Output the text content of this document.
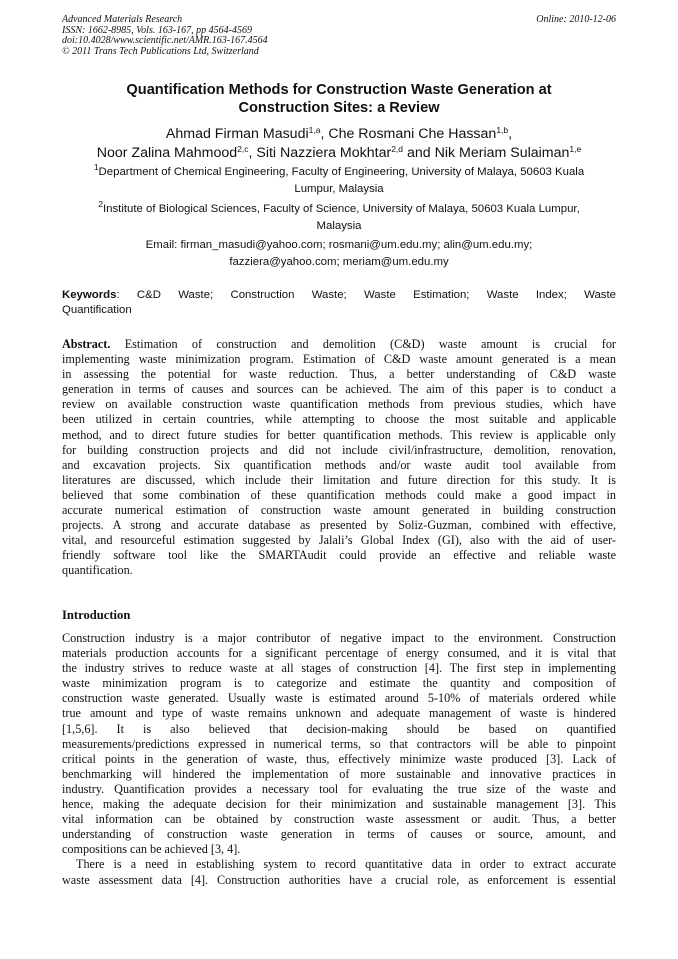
Advanced Materials Research
ISSN: 1662-8985, Vols. 163-167, pp 4564-4569
doi:10.4028/www.scientific.net/AMR.163-167.4564
© 2011 Trans Tech Publications Ltd, Switzerland
Online: 2010-12-06
Quantification Methods for Construction Waste Generation at
Construction Sites: a Review
Ahmad Firman Masudi$^{1,a}$, Che Rosmani Che Hassan$^{1,b}$,
Noor Zalina Mahmood$^{2,c}$, Siti Nazziera Mokhtar$^{2,d}$ and Nik Meriam Sulaiman$^{1,e}$
$^1$Department of Chemical Engineering, Faculty of Engineering, University of Malaya, 50603 Kuala
Lumpur, Malaysia
$^2$Institute of Biological Sciences, Faculty of Science, University of Malaya, 50603 Kuala Lumpur,
Malaysia
Email: firman_masudi@yahoo.com; rosmani@um.edu.my; alin@um.edu.my;
fazziera@yahoo.com; meriam@um.edu.my
Keywords: C&D Waste; Construction Waste; Waste Estimation; Waste Index; Waste
Quantification
Abstract. Estimation of construction and demolition (C&D) waste amount is crucial for
implementing waste minimization program. Estimation of C&D waste amount generated is a mean
in assessing the potential for waste reduction. Thus, a better understanding of C&D waste
generation in terms of causes and sources can be achieved. The aim of this paper is to conduct a
review on available construction waste quantification methods from previous studies, which have
been utilized in certain countries, while attempting to choose the most suitable and applicable
method, and to direct future studies for better quantification methods. This review is applicable only
for building construction projects and did not include civil/infrastructure, demolition, renovation,
and excavation projects. Six quantification methods and/or waste audit tool available from
literatures are discussed, which include their limitation and future direction for this study. It is
believed that some combination of these quantification methods could make a good impact in
accurate numerical estimation of construction waste amount generated in building construction
projects. A strong and accurate database as presented by Soliz-Guzman, combined with effective,
vital, and resourceful estimation suggested by Jalali’s Global Index (GI), also with the aid of user-
friendly software tool like the SMARTAudit could provide an effective and reliable waste
quantification.
Introduction
Construction industry is a major contributor of negative impact to the environment. Construction
materials production accounts for a significant percentage of energy consumed, and it is vital that
the industry strives to reduce waste at all stages of construction [4]. The first step in implementing
waste minimization program is to categorize and estimate the quantity and composition of
construction waste generated. Usually waste is estimated around 5-10% of materials ordered while
true amount and type of waste remains unknown and adequate management of waste is hindered
[1,5,6]. It is also believed that decision-making should be based on quantified
measurements/predictions expressed in numerical terms, so that contractors will be able to pinpoint
critical points in the generation of waste, thus, effectively minimize waste produced [3]. Lack of
benchmarking will hindered the implementation of more sustainable and innovative practices in
industry. Quantification provides a necessary tool for evaluating the true size of the waste and
hence, making the adequate decision for their minimization and sustainable management [3]. This
vital information can be obtained by construction waste assessment or audit. Thus, a better
understanding of construction waste generation in terms of causes or source, amount, and
compositions can be achieved [3, 4].
There is a need in establishing system to record quantitative data in order to extract accurate
waste assessment data [4]. Construction authorities have a crucial role, as enforcement is essential
